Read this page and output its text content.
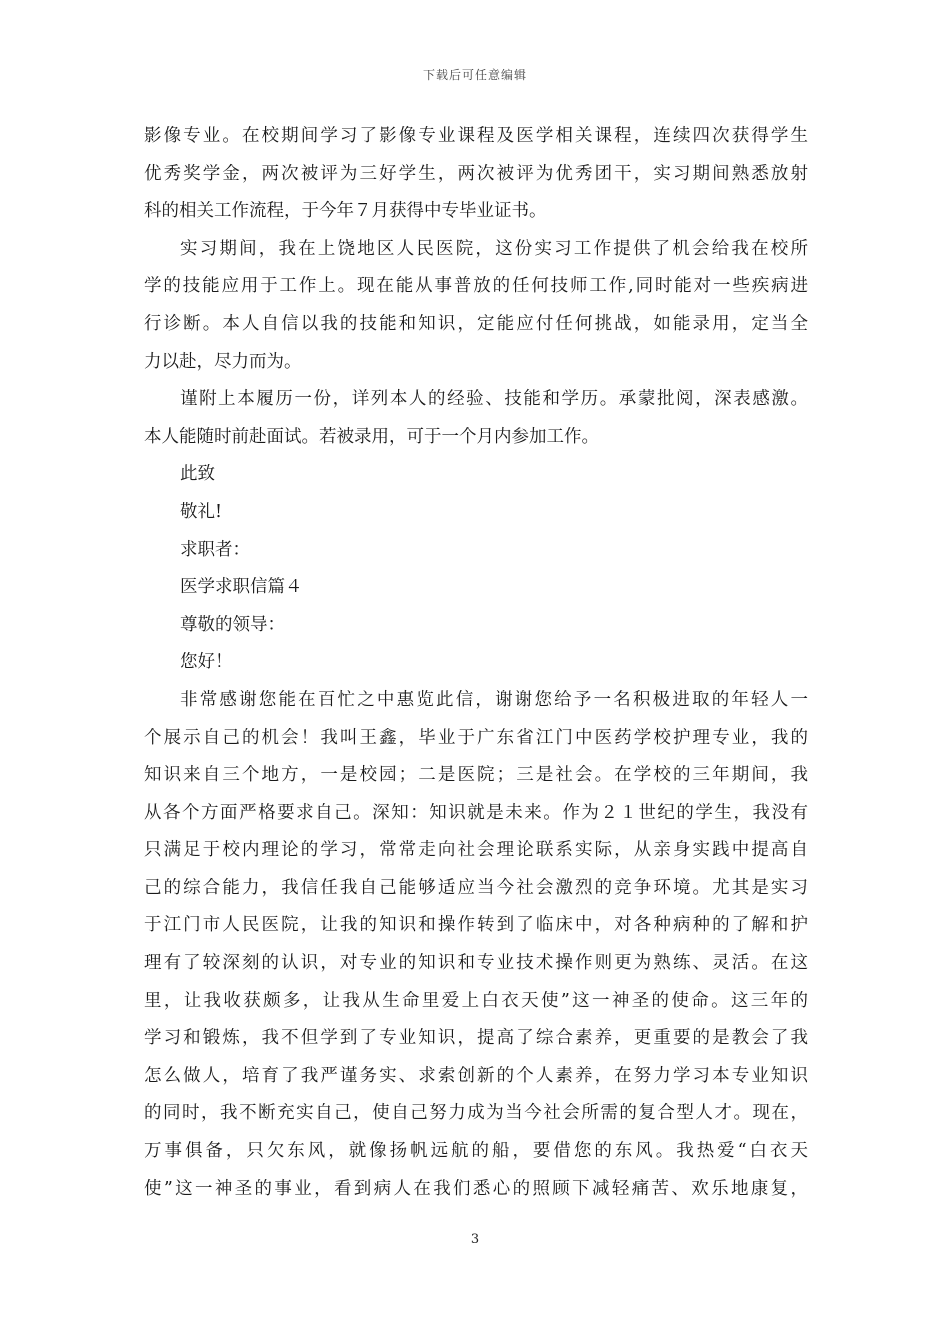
下载后可任意编辑
影像专业。在校期间学习了影像专业课程及医学相关课程，连续四次获得学生
优秀奖学金，两次被评为三好学生，两次被评为优秀团干，实习期间熟悉放射
科的相关工作流程，于今年７月获得中专毕业证书。
实习期间，我在上饶地区人民医院，这份实习工作提供了机会给我在校所
学的技能应用于工作上。现在能从事普放的任何技师工作,同时能对一些疾病进
行诊断。本人自信以我的技能和知识，定能应付任何挑战，如能录用，定当全
力以赴，尽力而为。
谨附上本履历一份，详列本人的经验、技能和学历。承蒙批阅，深表感激。
本人能随时前赴面试。若被录用，可于一个月内参加工作。
此致
敬礼!
求职者：
医学求职信篇４
尊敬的领导：
您好！
非常感谢您能在百忙之中惠览此信，谢谢您给予一名积极进取的年轻人一
个展示自己的机会！我叫王鑫，毕业于广东省江门中医药学校护理专业，我的
知识来自三个地方，一是校园；二是医院；三是社会。在学校的三年期间，我
从各个方面严格要求自己。深知：知识就是未来。作为２１世纪的学生，我没有
只满足于校内理论的学习，常常走向社会理论联系实际，从亲身实践中提高自
己的综合能力，我信任我自己能够适应当今社会激烈的竞争环境。尤其是实习
于江门市人民医院，让我的知识和操作转到了临床中，对各种病种的了解和护
理有了较深刻的认识，对专业的知识和专业技术操作则更为熟练、灵活。在这
里，让我收获颇多，让我从生命里爱上白衣天使”这一神圣的使命。这三年的
学习和锻炼，我不但学到了专业知识，提高了综合素养，更重要的是教会了我
怎么做人，培育了我严谨务实、求索创新的个人素养，在努力学习本专业知识
的同时，我不断充实自己，使自己努力成为当今社会所需的复合型人才。现在，
万事俱备，只欠东风，就像扬帆远航的船，要借您的东风。我热爱“白衣天
使”这一神圣的事业，看到病人在我们悉心的照顾下减轻痛苦、欢乐地康复，
3
